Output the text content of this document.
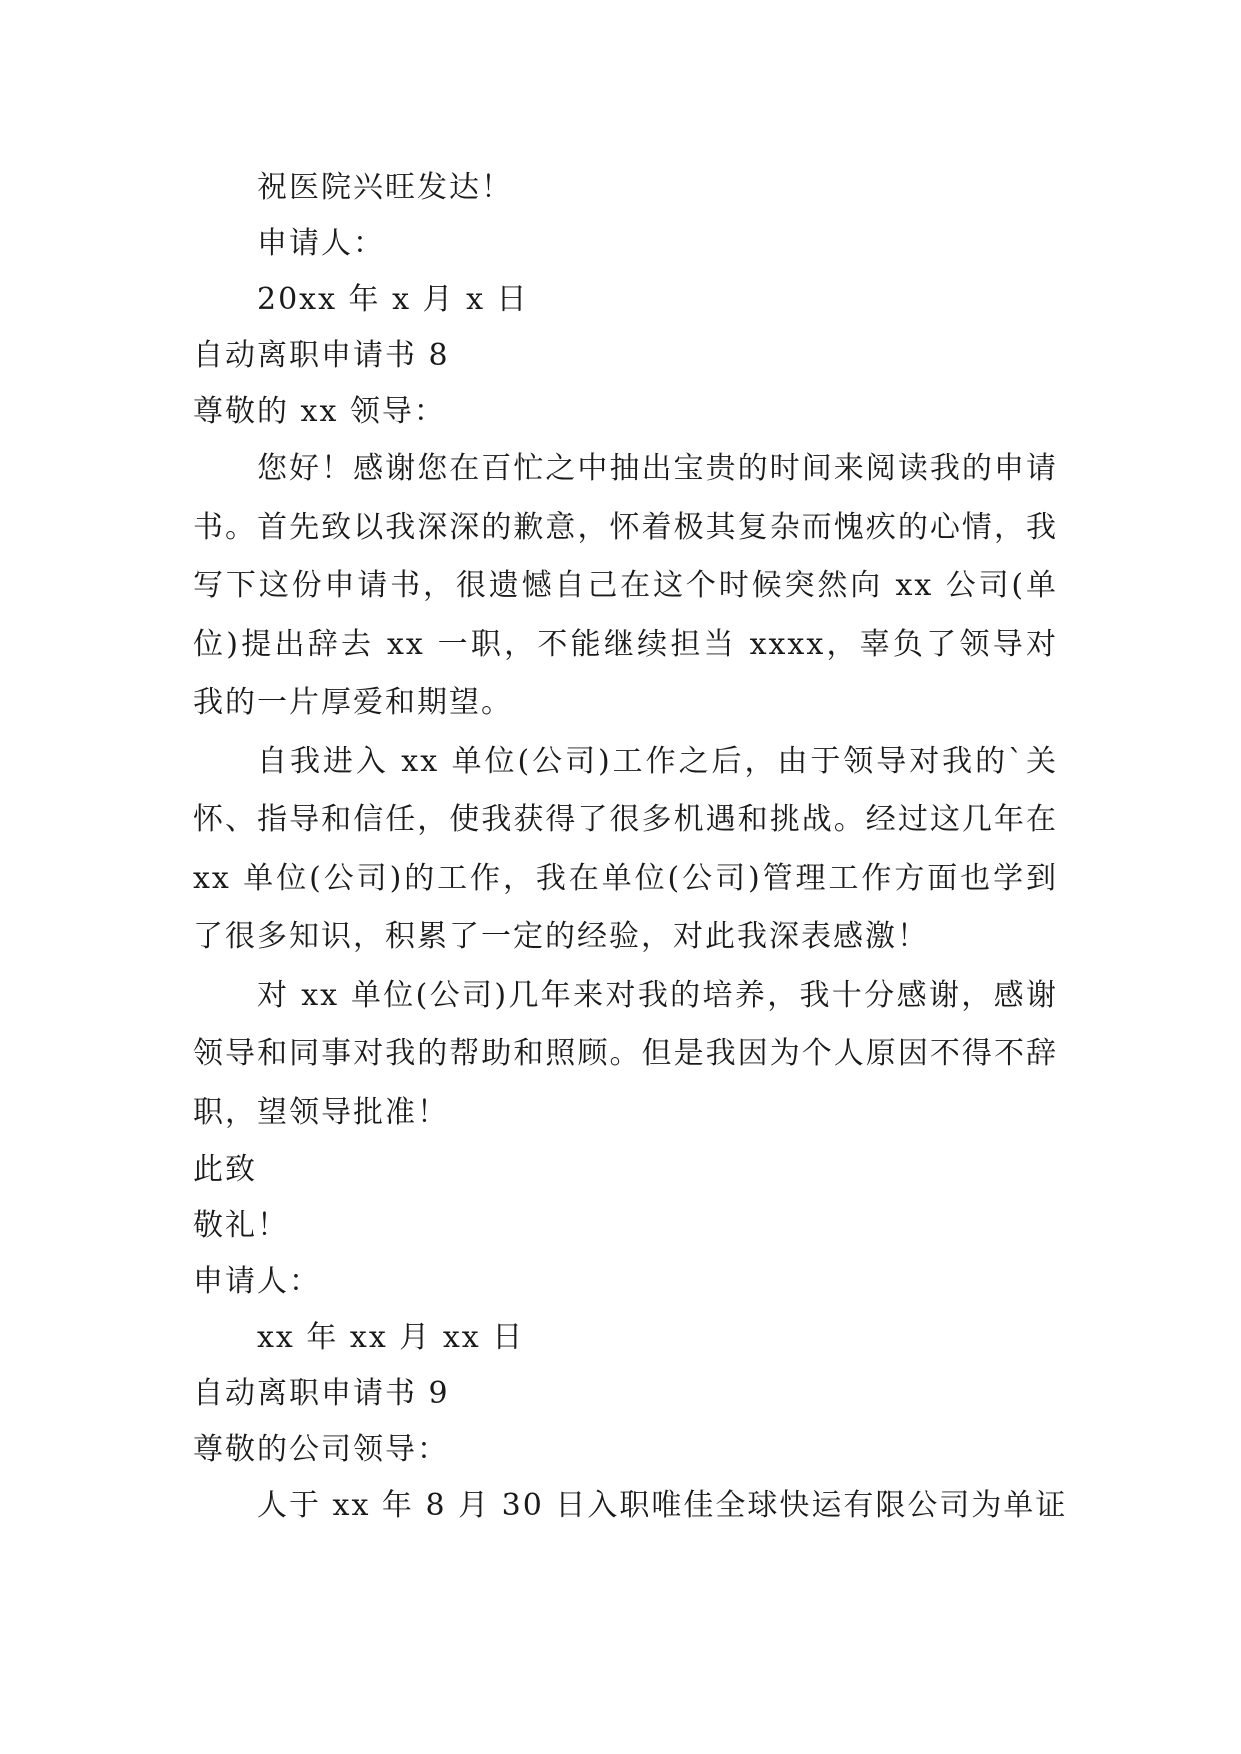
祝医院兴旺发达！
申请人：
20xx 年 x 月 x 日
自动离职申请书 8
尊敬的 xx 领导：

您好！感谢您在百忙之中抽出宝贵的时间来阅读我的申请书。首先致以我深深的歉意，怀着极其复杂而愧疚的心情，我写下这份申请书，很遗憾自己在这个时候突然向 xx 公司(单位)提出辞去 xx 一职，不能继续担当 xxxx，辜负了领导对我的一片厚爱和期望。

自我进入 xx 单位(公司)工作之后，由于领导对我的`关怀、指导和信任，使我获得了很多机遇和挑战。经过这几年在 xx 单位(公司)的工作，我在单位(公司)管理工作方面也学到了很多知识，积累了一定的经验，对此我深表感激！

对 xx 单位(公司)几年来对我的培养，我十分感谢，感谢领导和同事对我的帮助和照顾。但是我因为个人原因不得不辞职，望领导批准！

此致
敬礼！
申请人：
xx 年 xx 月 xx 日
自动离职申请书 9
尊敬的公司领导：
人于 xx 年 8 月 30 日入职唯佳全球快运有限公司为单证
